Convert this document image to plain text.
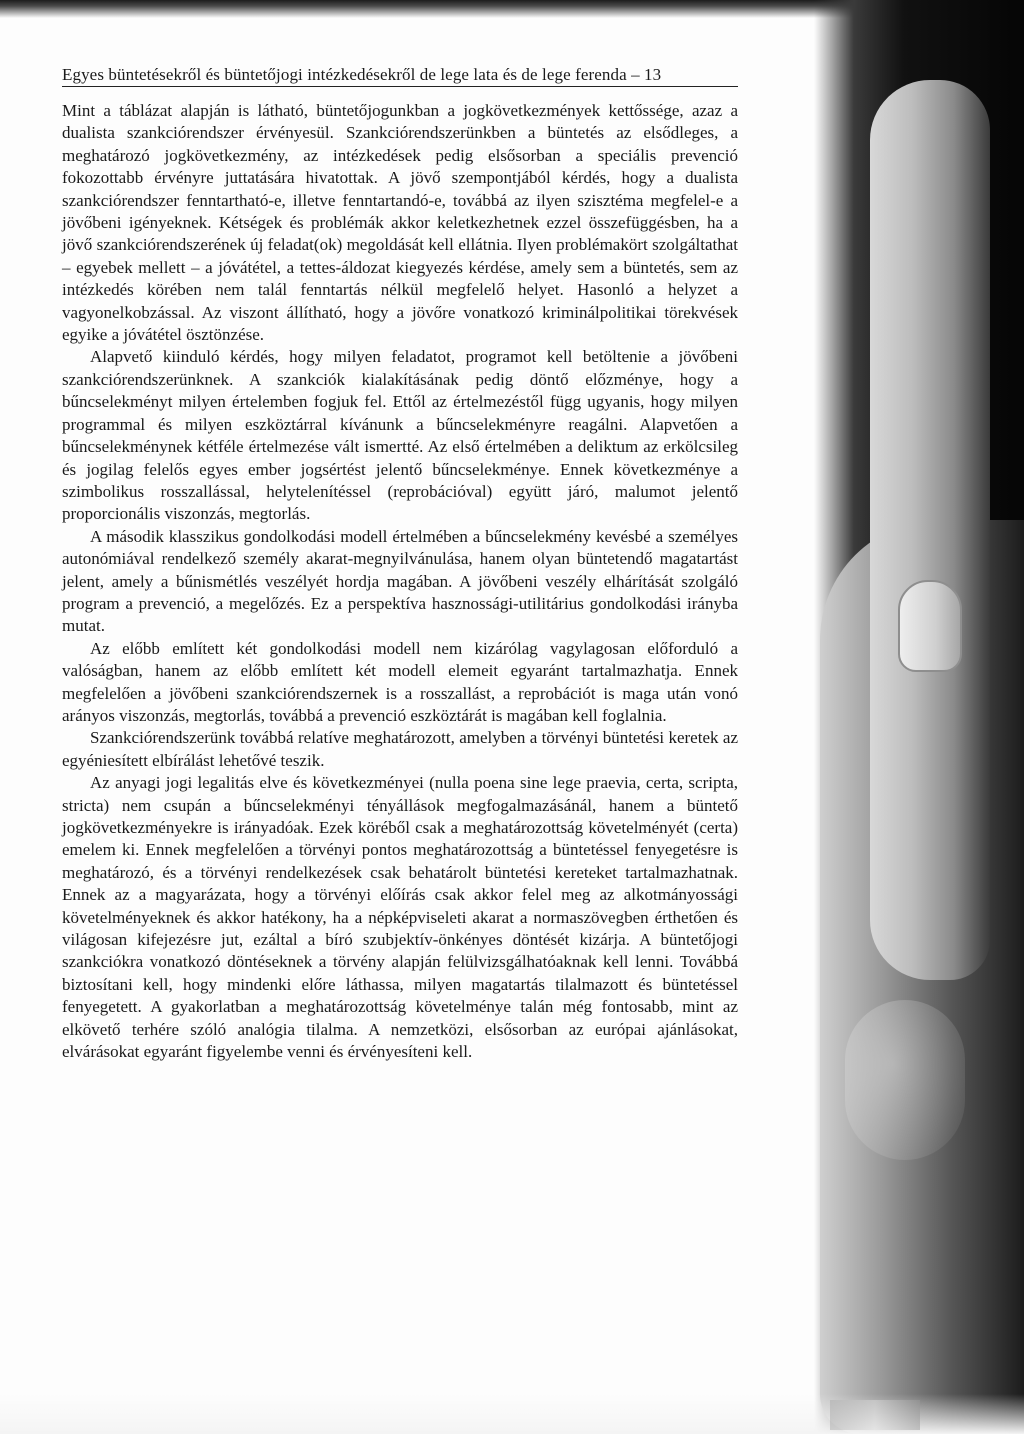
Egyes büntetésekről és büntetőjogi intézkedésekről de lege lata és de lege ferenda – 13

Mint a táblázat alapján is látható, büntetőjogunkban a jogkövetkezmények kettőssége, azaz a dualista szankciórendszer érvényesül. Szankciórendszerünkben a büntetés az elsődleges, a meghatározó jogkövetkezmény, az intézkedések pedig elsősorban a speciális prevenció fokozottabb érvényre juttatására hivatottak. A jövő szempontjából kérdés, hogy a dualista szankciórendszer fenntartható-e, illetve fenntartandó-e, továbbá az ilyen szisztéma megfelel-e a jövőbeni igényeknek. Kétségek és problémák akkor keletkezhetnek ezzel összefüggésben, ha a jövő szankciórendszerének új feladat(ok) megoldását kell ellátnia. Ilyen problémakört szolgáltathat – egyebek mellett – a jóvátétel, a tettes-áldozat kiegyezés kérdése, amely sem a büntetés, sem az intézkedés körében nem talál fenntartás nélkül megfelelő helyet. Hasonló a helyzet a vagyonelkobzással. Az viszont állítható, hogy a jövőre vonatkozó kriminálpolitikai törekvések egyike a jóvátétel ösztönzése.

Alapvető kiinduló kérdés, hogy milyen feladatot, programot kell betöltenie a jövőbeni szankciórendszerünknek. A szankciók kialakításának pedig döntő előzménye, hogy a bűncselekményt milyen értelemben fogjuk fel. Ettől az értelmezéstől függ ugyanis, hogy milyen programmal és milyen eszköztárral kívánunk a bűncselekményre reagálni. Alapvetően a bűncselekménynek kétféle értelmezése vált ismertté. Az első értelmében a deliktum az erkölcsileg és jogilag felelős egyes ember jogsértést jelentő bűncselekménye. Ennek következménye a szimbolikus rosszallással, helytelenítéssel (reprobációval) együtt járó, malumot jelentő proporcionális viszonzás, megtorlás.

A második klasszikus gondolkodási modell értelmében a bűncselekmény kevésbé a személyes autonómiával rendelkező személy akarat-megnyilvánulása, hanem olyan büntetendő magatartást jelent, amely a bűnismétlés veszélyét hordja magában. A jövőbeni veszély elhárítását szolgáló program a prevenció, a megelőzés. Ez a perspektíva hasznossági-utilitárius gondolkodási irányba mutat.

Az előbb említett két gondolkodási modell nem kizárólag vagylagosan előforduló a valóságban, hanem az előbb említett két modell elemeit egyaránt tartalmazhatja. Ennek megfelelően a jövőbeni szankciórendszernek is a rosszallást, a reprobációt is maga után vonó arányos viszonzás, megtorlás, továbbá a prevenció eszköztárát is magában kell foglalnia.

Szankciórendszerünk továbbá relatíve meghatározott, amelyben a törvényi büntetési keretek az egyéniesített elbírálást lehetővé teszik.

Az anyagi jogi legalitás elve és következményei (nulla poena sine lege praevia, certa, scripta, stricta) nem csupán a bűncselekményi tényállások megfogalmazásánál, hanem a büntető jogkövetkezményekre is irányadóak. Ezek köréből csak a meghatározottság követelményét (certa) emelem ki. Ennek megfelelően a törvényi pontos meghatározottság a büntetéssel fenyegetésre is meghatározó, és a törvényi rendelkezések csak behatárolt büntetési kereteket tartalmazhatnak. Ennek az a magyarázata, hogy a törvényi előírás csak akkor felel meg az alkotmányossági követelményeknek és akkor hatékony, ha a népképviseleti akarat a normaszövegben érthetően és világosan kifejezésre jut, ezáltal a bíró szubjektív-önkényes döntését kizárja. A büntetőjogi szankciókra vonatkozó döntéseknek a törvény alapján felülvizsgálhatóaknak kell lenni. Továbbá biztosítani kell, hogy mindenki előre láthassa, milyen magatartás tilalmazott és büntetéssel fenyegetett. A gyakorlatban a meghatározottság követelménye talán még fontosabb, mint az elkövető terhére szóló analógia tilalma. A nemzetközi, elsősorban az európai ajánlásokat, elvárásokat egyaránt figyelembe venni és érvényesíteni kell.
